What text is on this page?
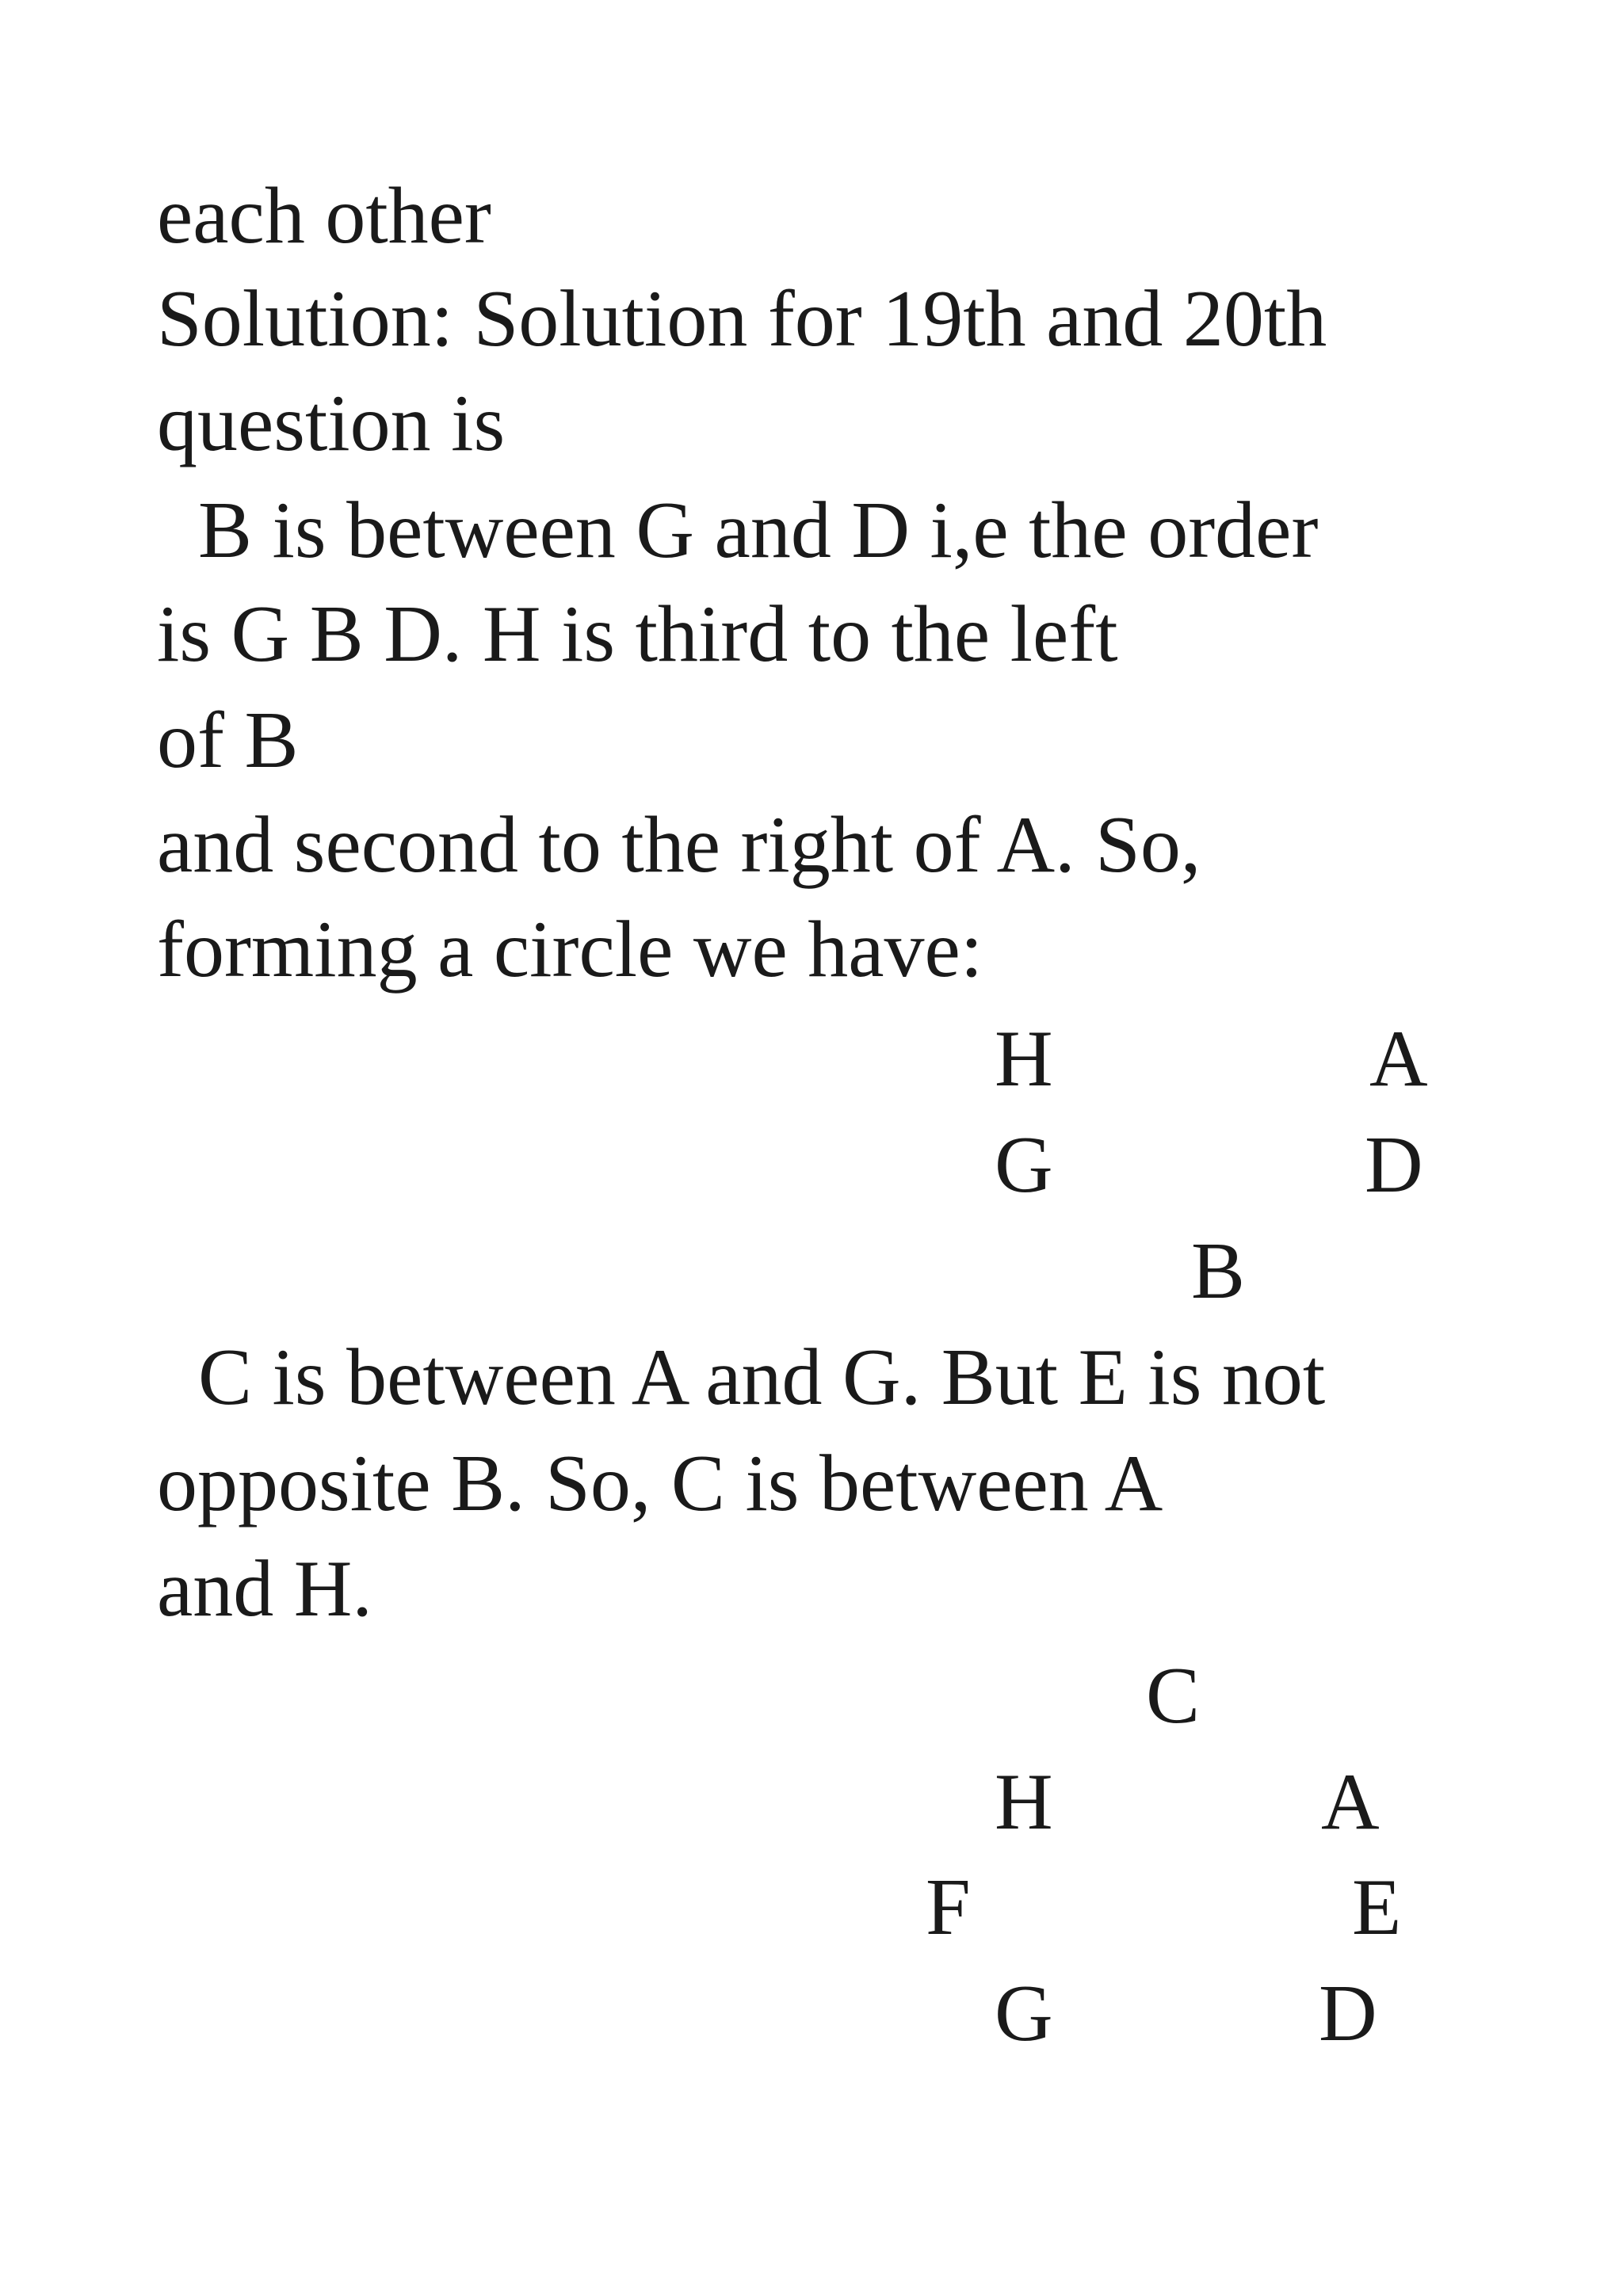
each other
Solution: Solution for 19th and 20th
question is
B is between G and D i,e the order
is G B D. H is third to the left
of B
and second to the right of A. So,
forming a circle we have:
H	A
G	D
B
C is between A and G. But E is not
opposite B. So, C is between A
and H.
C
H	A
F	E
G	D
